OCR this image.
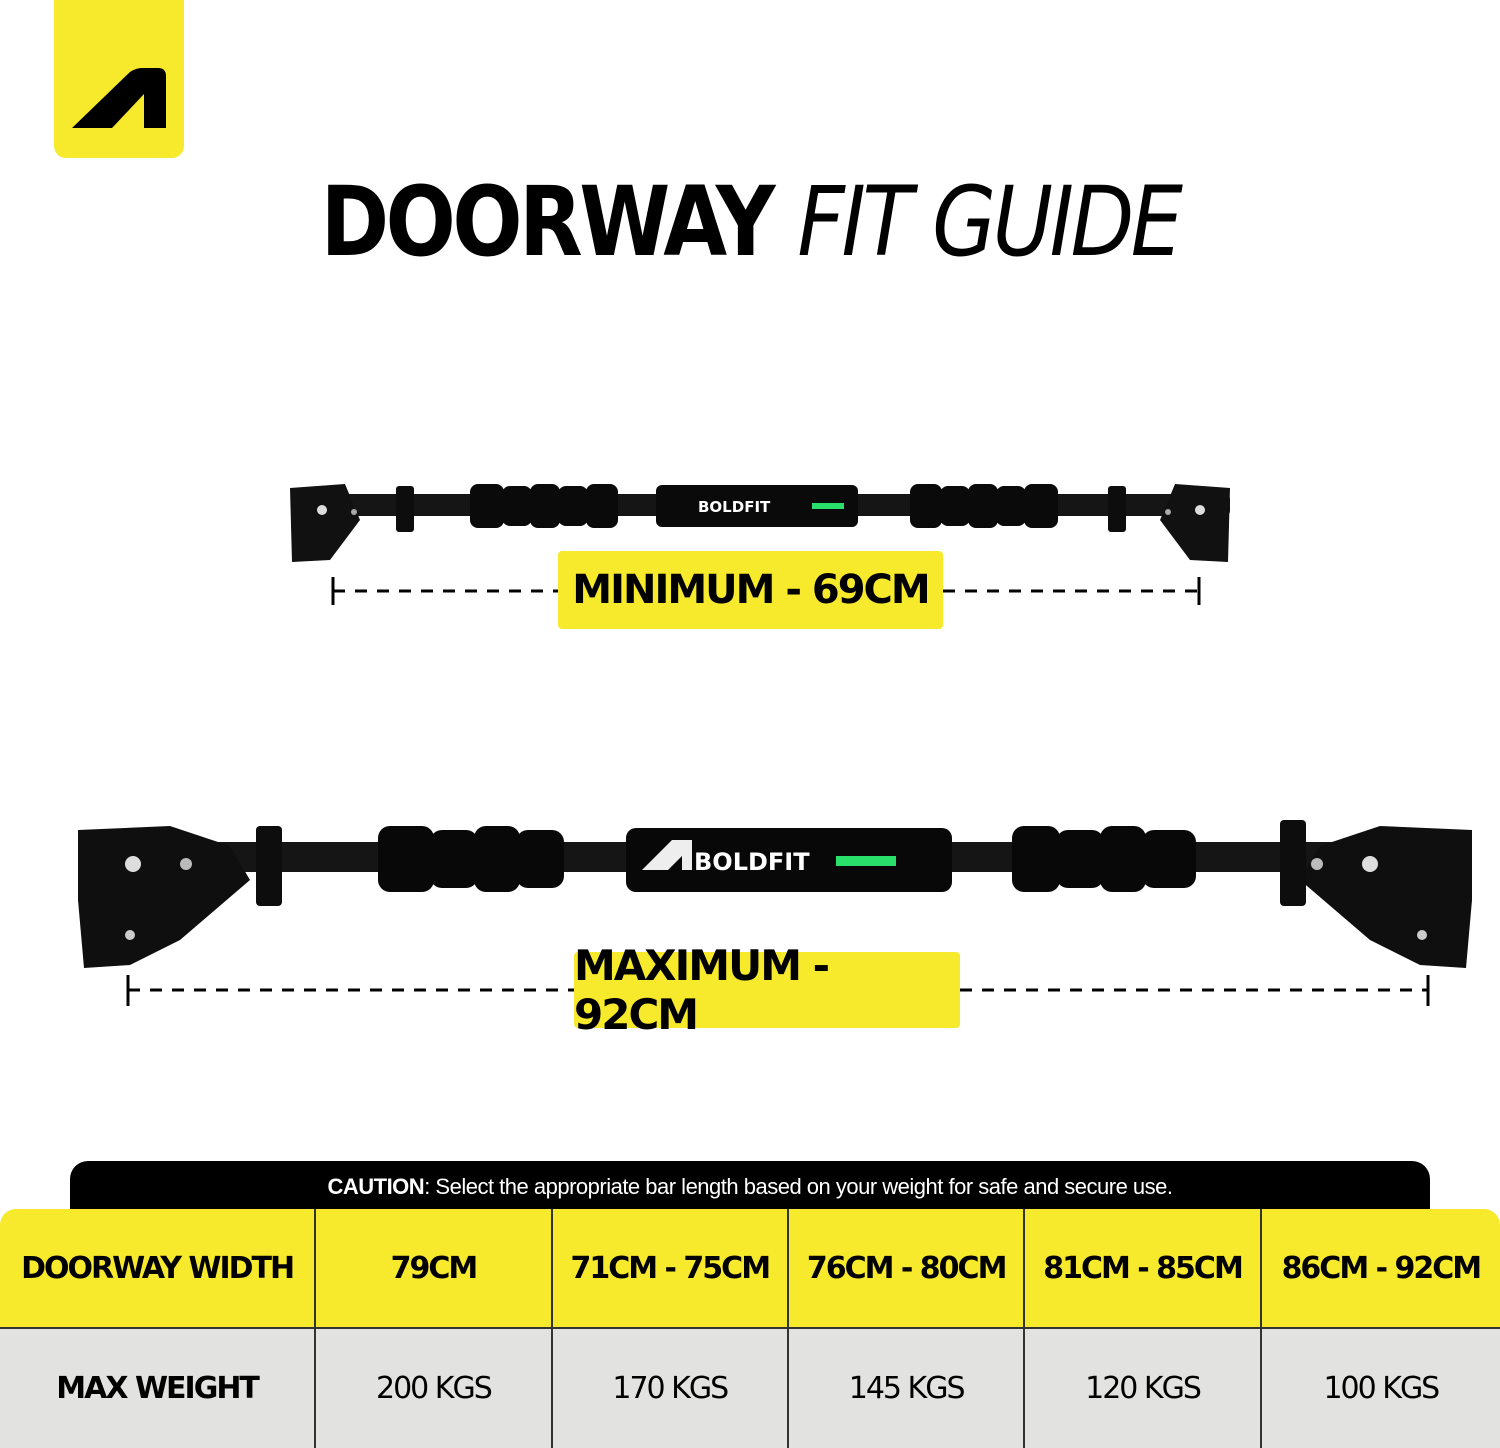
DOORWAY FIT GUIDE
BOLDFIT
BOLDFIT
MINIMUM - 69CM
MAXIMUM - 92CM
CAUTION : Select the appropriate bar length based on your weight for safe and secure use.
DOORWAY WIDTH	79CM	71CM - 75CM	76CM - 80CM	81CM - 85CM	86CM - 92CM
MAX WEIGHT	200 KGS	170 KGS	145 KGS	120 KGS	100 KGS
